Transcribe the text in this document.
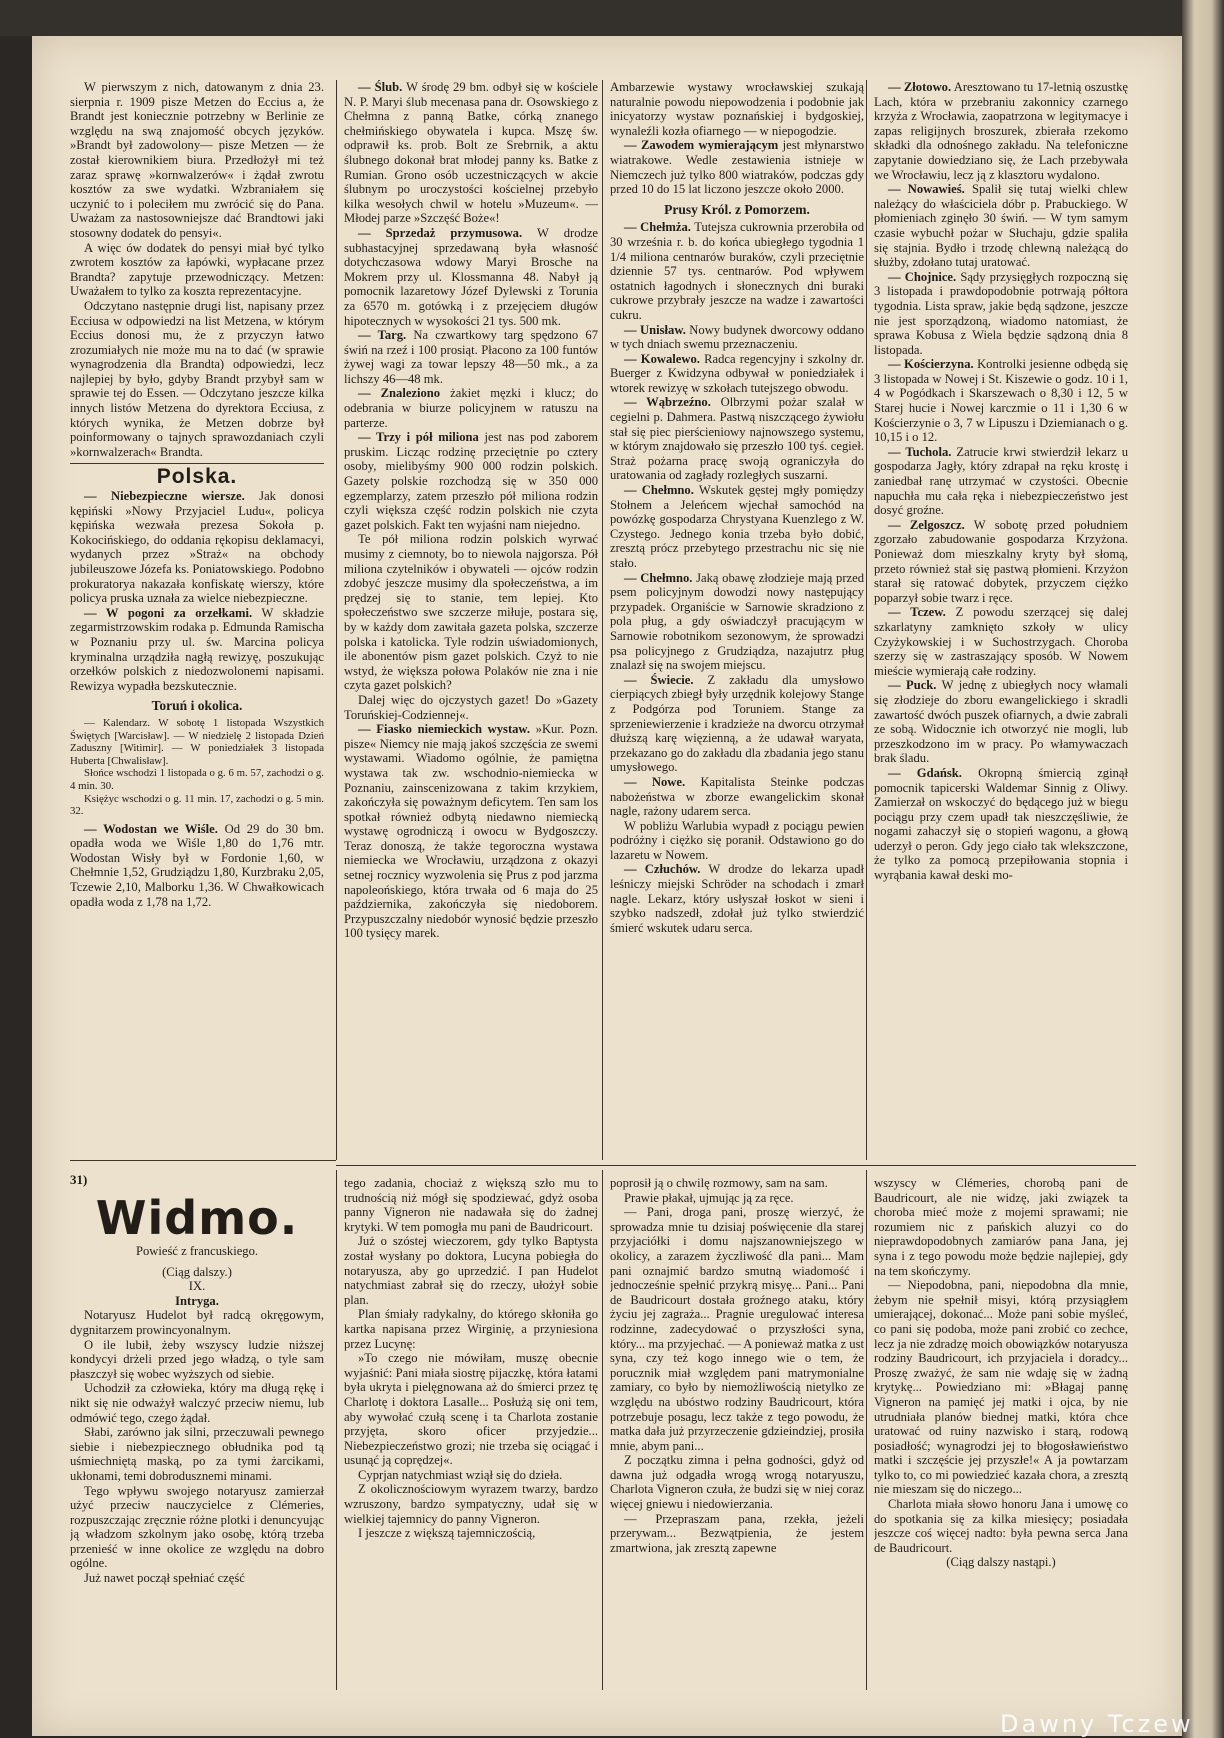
W pierwszym z nich, datowanym z dnia 23. sierpnia r. 1909 pisze Metzen do Eccius a, że Brandt jest koniecznie potrzebny w Berlinie ze względu na swą znajomość obcych języków. »Brandt był zadowolony— pisze Metzen — że został kierownikiem biura. Przedłożył mi też zaraz sprawę »kornwalzerów« i żądał zwrotu kosztów za swe wydatki. Wzbraniałem się uczynić to i poleciłem mu zwrócić się do Pana. Uważam za nastosowniejsze dać Brandtowi jaki stosowny dodatek do pensyi«.

A więc ów dodatek do pensyi miał być tylko zwrotem kosztów za łapówki, wypłacane przez Brandta? zapytuje przewodniczący. Metzen: Uważałem to tylko za koszta reprezentacyjne.

Odczytano następnie drugi list, napisany przez Ecciusa w odpowiedzi na list Metzena, w którym Eccius donosi mu, że z przyczyn łatwo zrozumiałych nie może mu na to dać (w sprawie wynagrodzenia dla Brandta) odpowiedzi, lecz najlepiej by było, gdyby Brandt przybył sam w sprawie tej do Essen. — Odczytano jeszcze kilka innych listów Metzena do dyrektora Ecciusa, z których wynika, że Metzen dobrze był poinformowany o tajnych sprawozdaniach czyli »kornwalzerach« Brandta.

Polska.

— Niebezpieczne wiersze. Jak donosi kępiński »Nowy Przyjaciel Ludu«, policya kępińska wezwała prezesa Sokoła p. Kokocińskiego, do oddania rękopisu deklamacyi, wydanych przez »Straż« na obchody jubileuszowe Józefa ks. Poniatowskiego. Podobno prokuratorya nakazała konfiskatę wierszy, które policya pruska uznała za wielce niebezpieczne.

— W pogoni za orzełkami. W składzie zegarmistrzowskim rodaka p. Edmunda Ramischa w Poznaniu przy ul. św. Marcina policya kryminalna urządziła nagłą rewizyę, poszukując orzełków polskich z niedozwolonemi napisami. Rewizya wypadła bezskutecznie.

Toruń i okolica.

— Kalendarz. W sobotę 1 listopada Wszystkich Świętych [Warcisław]. — W niedzielę 2 listopada Dzień Zaduszny [Witimir]. — W poniedziałek 3 listopada Huberta [Chwalisław].

Słońce wschodzi 1 listopada o g. 6 m. 57, zachodzi o g. 4 min. 30.

Księżyc wschodzi o g. 11 min. 17, zachodzi o g. 5 min. 32.

— Wodostan we Wiśle. Od 29 do 30 bm. opadła woda we Wiśle 1,80 do 1,76 mtr. Wodostan Wisły był w Fordonie 1,60, w Chełmnie 1,52, Grudziądzu 1,80, Kurzbraku 2,05, Tczewie 2,10, Malborku 1,36. W Chwałkowicach opadła woda z 1,78 na 1,72.

— Ślub. W środę 29 bm. odbył się w kościele N. P. Maryi ślub mecenasa pana dr. Osowskiego z Chełmna z panną Batke, córką znanego chełmińskiego obywatela i kupca. Mszę św. odprawił ks. prob. Bolt ze Srebrnik, a aktu ślubnego dokonał brat młodej panny ks. Batke z Rumian. Grono osób uczestniczących w akcie ślubnym po uroczystości kościelnej przebyło kilka wesołych chwil w hotelu »Muzeum«. — Młodej parze »Szczęść Boże«!

— Sprzedaż przymusowa. W drodze subhastacyjnej sprzedawaną była własność dotychczasowa wdowy Maryi Brosche na Mokrem przy ul. Klossmanna 48. Nabył ją pomocnik lazaretowy Józef Dylewski z Torunia za 6570 m. gotówką i z przejęciem długów hipotecznych w wysokości 21 tys. 500 mk.

— Targ. Na czwartkowy targ spędzono 67 świń na rzeź i 100 prosiąt. Płacono za 100 funtów żywej wagi za towar lepszy 48—50 mk., a za lichszy 46—48 mk.

— Znaleziono żakiet męzki i klucz; do odebrania w biurze policyjnem w ratuszu na parterze.

— Trzy i pół miliona jest nas pod zaborem pruskim. Licząc rodzinę przeciętnie po cztery osoby, mielibyśmy 900 000 rodzin polskich. Gazety polskie rozchodzą się w 350 000 egzemplarzy, zatem przeszło pół miliona rodzin czyli większa część rodzin polskich nie czyta gazet polskich. Fakt ten wyjaśni nam niejedno.

Te pół miliona rodzin polskich wyrwać musimy z ciemnoty, bo to niewola najgorsza. Pół miliona czytelników i obywateli — ojców rodzin zdobyć jeszcze musimy dla społeczeństwa, a im prędzej się to stanie, tem lepiej. Kto społeczeństwo swe szczerze miłuje, postara się, by w każdy dom zawitała gazeta polska, szczerze polska i katolicka. Tyle rodzin uświadomionych, ile abonentów pism gazet polskich. Czyż to nie wstyd, że większa połowa Polaków nie zna i nie czyta gazet polskich?

Dalej więc do ojczystych gazet! Do »Gazety Toruńskiej-Codziennej«.

— Fiasko niemieckich wystaw. »Kur. Pozn. pisze« Niemcy nie mają jakoś szczęścia ze swemi wystawami. Wiadomo ogólnie, że pamiętna wystawa tak zw. wschodnio-niemiecka w Poznaniu, zainscenizowana z takim krzykiem, zakończyła się poważnym deficytem. Ten sam los spotkał również odbytą niedawno niemiecką wystawę ogrodniczą i owocu w Bydgoszczy. Teraz donoszą, że także tegoroczna wystawa niemiecka we Wrocławiu, urządzona z okazyi setnej rocznicy wyzwolenia się Prus z pod jarzma napoleońskiego, która trwała od 6 maja do 25 października, zakończyła się niedoborem. Przypuszczalny niedobór wynosić będzie przeszło 100 tysięcy marek.

Ambarzewie wystawy wrocławskiej szukają naturalnie powodu niepowodzenia i podobnie jak inicyatorzy wystaw poznańskiej i bydgoskiej, wynaleźli kozła ofiarnego — w niepogodzie.

— Zawodem wymierającym jest młynarstwo wiatrakowe. Wedle zestawienia istnieje w Niemczech już tylko 800 wiatraków, podczas gdy przed 10 do 15 lat liczono jeszcze około 2000.

Prusy Król. z Pomorzem.

— Chełmża. Tutejsza cukrownia przerobiła od 30 września r. b. do końca ubiegłego tygodnia 1 1/4 miliona centnarów buraków, czyli przeciętnie dziennie 57 tys. centnarów. Pod wpływem ostatnich łagodnych i słonecznych dni buraki cukrowe przybrały jeszcze na wadze i zawartości cukru.

— Unisław. Nowy budynek dworcowy oddano w tych dniach swemu przeznaczeniu.

— Kowalewo. Radca regencyjny i szkolny dr. Buerger z Kwidzyna odbywał w poniedziałek i wtorek rewizyę w szkołach tutejszego obwodu.

— Wąbrzeźno. Olbrzymi pożar szalał w cegielni p. Dahmera. Pastwą niszczącego żywiołu stał się piec pierścieniowy najnowszego systemu, w którym znajdowało się przeszło 100 tyś. cegieł. Straż pożarna pracę swoją ograniczyła do uratowania od zagłady rozległych suszarni.

— Chełmno. Wskutek gęstej mgły pomiędzy Stołnem a Jeleńcem wjechał samochód na powózkę gospodarza Chrystyana Kuenzlego z W. Czystego. Jednego konia trzeba było dobić, zresztą prócz przebytego przestrachu nic się nie stało.

— Chełmno. Jaką obawę złodzieje mają przed psem policyjnym dowodzi nowy następujący przypadek. Organiście w Sarnowie skradziono z pola pług, a gdy oświadczył pracującym w Sarnowie robotnikom sezonowym, że sprowadzi psa policyjnego z Grudziądza, nazajutrz pług znalazł się na swojem miejscu.

— Świecie. Z zakładu dla umysłowo cierpiących zbiegł były urzędnik kolejowy Stange z Podgórza pod Toruniem. Stange za sprzeniewierzenie i kradzieże na dworcu otrzymał dłuższą karę więzienną, a że udawał waryata, przekazano go do zakładu dla zbadania jego stanu umysłowego.

— Nowe. Kapitalista Steinke podczas nabożeństwa w zborze ewangelickim skonał nagle, rażony udarem serca.

W pobliżu Warlubia wypadł z pociągu pewien podróżny i ciężko się poranił. Odstawiono go do lazaretu w Nowem.

— Człuchów. W drodze do lekarza upadł leśniczy miejski Schröder na schodach i zmarł nagle. Lekarz, który usłyszał łoskot w sieni i szybko nadszedł, zdołał już tylko stwierdzić śmierć wskutek udaru serca.

— Złotowo. Aresztowano tu 17-letnią oszustkę Lach, która w przebraniu zakonnicy czarnego krzyża z Wrocławia, zaopatrzona w legitymacye i zapas religijnych broszurek, zbierała rzekomo składki dla odnośnego zakładu. Na telefoniczne zapytanie dowiedziano się, że Lach przebywała we Wrocławiu, lecz ją z klasztoru wydalono.

— Nowawieś. Spalił się tutaj wielki chlew należący do właściciela dóbr p. Prabuckiego. W płomieniach zginęło 30 świń. — W tym samym czasie wybuchł pożar w Słuchaju, gdzie spaliła się stajnia. Bydło i trzodę chlewną należącą do służby, zdołano tutaj uratować.

— Chojnice. Sądy przysięgłych rozpoczną się 3 listopada i prawdopodobnie potrwają półtora tygodnia. Lista spraw, jakie będą sądzone, jeszcze nie jest sporządzoną, wiadomo natomiast, że sprawa Kobusa z Wiela będzie sądzoną dnia 8 listopada.

— Kościerzyna. Kontrolki jesienne odbędą się 3 listopada w Nowej i St. Kiszewie o godz. 10 i 1, 4 w Pogódkach i Skarszewach o 8,30 i 12, 5 w Starej hucie i Nowej karczmie o 11 i 1,30 6 w Kościerzynie o 3, 7 w Lipuszu i Dziemianach o g. 10,15 i o 12.

— Tuchola. Zatrucie krwi stwierdził lekarz u gospodarza Jagły, który zdrapał na ręku krostę i zaniedbał ranę utrzymać w czystości. Obecnie napuchła mu cała ręka i niebezpieczeństwo jest dosyć groźne.

— Zelgoszcz. W sobotę przed południem zgorzało zabudowanie gospodarza Krzyżona. Ponieważ dom mieszkalny kryty był słomą, przeto również stał się pastwą płomieni. Krzyżon starał się ratować dobytek, przyczem ciężko poparzył sobie twarz i ręce.

— Tczew. Z powodu szerzącej się dalej szkarlatyny zamknięto szkoły w ulicy Czyżykowskiej i w Suchostrzygach. Choroba szerzy się w zastraszający sposób. W Nowem mieście wymierają całe rodziny.

— Puck. W jednę z ubiegłych nocy włamali się złodzieje do zboru ewangelickiego i skradli zawartość dwóch puszek ofiarnych, a dwie zabrali ze sobą. Widocznie ich otworzyć nie mogli, lub przeszkodzono im w pracy. Po włamywaczach brak śladu.

— Gdańsk. Okropną śmiercią zginął pomocnik tapicerski Waldemar Sinnig z Oliwy. Zamierzał on wskoczyć do będącego już w biegu pociągu przy czem upadł tak nieszczęśliwie, że nogami zahaczył się o stopień wagonu, a głową uderzył o peron. Gdy jego ciało tak wlekszczone, że tylko za pomocą przepiłowania stopnia i wyrąbania kawał deski mo-

31)
Widmo.

Powieść z francuskiego.

(Ciąg dalszy.)

IX.

Intryga.

Notaryusz Hudelot był radcą okręgowym, dygnitarzem prowincyonalnym.

O ile lubił, żeby wszyscy ludzie niższej kondycyi drżeli przed jego władzą, o tyle sam płaszczył się wobec wyższych od siebie.

Uchodził za człowieka, który ma długą rękę i nikt się nie odważył walczyć przeciw niemu, lub odmówić tego, czego żądał.

Słabi, zarówno jak silni, przeczuwali pewnego siebie i niebezpiecznego obłudnika pod tą uśmiechniętą maską, po za tymi żarcikami, ukłonami, temi dobrodusznemi minami.

Tego wpływu swojego notaryusz zamierzał użyć przeciw nauczycielce z Clémeries, rozpuszczając zręcznie różne plotki i denuncyując ją władzom szkolnym jako osobę, którą trzeba przenieść w inne okolice ze względu na dobro ogólne.

Już nawet począł spełniać część

tego zadania, chociaż z większą szło mu to trudnością niż mógł się spodziewać, gdyż osoba panny Vigneron nie nadawała się do żadnej krytyki. W tem pomogła mu pani de Baudricourt.

Już o szóstej wieczorem, gdy tylko Baptysta został wysłany po doktora, Lucyna pobiegła do notaryusza, aby go uprzedzić. I pan Hudelot natychmiast zabrał się do rzeczy, ułożył sobie plan.

Plan śmiały radykalny, do którego skłoniła go kartka napisana przez Wirginię, a przyniesiona przez Lucynę:

»To czego nie mówiłam, muszę obecnie wyjaśnić: Pani miała siostrę pijaczkę, która łatami była ukryta i pielęgnowana aż do śmierci przez tę Charlotę i doktora Lasalle... Posłużą się oni tem, aby wywołać czułą scenę i ta Charlota zostanie przyjęta, skoro oficer przyjedzie... Niebezpieczeństwo grozi; nie trzeba się ociągać i usunąć ją coprędzej«.

Cyprjan natychmiast wziął się do dzieła.

Z okolicznościowym wyrazem twarzy, bardzo wzruszony, bardzo sympatyczny, udał się w wielkiej tajemnicy do panny Vigneron.

I jeszcze z większą tajemniczością,

poprosił ją o chwilę rozmowy, sam na sam.

Prawie płakał, ujmując ją za ręce.

— Pani, droga pani, proszę wierzyć, że sprowadza mnie tu dzisiaj poświęcenie dla starej przyjaciółki i domu najszanowniejszego w okolicy, a zarazem życzliwość dla pani... Mam pani oznajmić bardzo smutną wiadomość i jednocześnie spełnić przykrą misyę... Pani... Pani de Baudricourt dostała groźnego ataku, który życiu jej zagraża... Pragnie uregulować interesa rodzinne, zadecydować o przyszłości syna, który... ma przyjechać. — A ponieważ matka z ust syna, czy też kogo innego wie o tem, że porucznik miał względem pani matrymonialne zamiary, co było by niemożliwością nietylko ze względu na ubóstwo rodziny Baudricourt, która potrzebuje posagu, lecz także z tego powodu, że matka dała już przyrzeczenie gdzieindziej, prosiła mnie, abym pani...

Z początku zimna i pełna godności, gdyż od dawna już odgadła wrogą wrogą notaryuszu, Charlota Vigneron czuła, że budzi się w niej coraz więcej gniewu i niedowierzania.

— Przepraszam pana, rzekła, jeżeli przerywam... Bezwątpienia, że jestem zmartwiona, jak zresztą zapewne

wszyscy w Clémeries, chorobą pani de Baudricourt, ale nie widzę, jaki związek ta choroba mieć może z mojemi sprawami; nie rozumiem nic z pańskich aluzyi co do nieprawdopodobnych zamiarów pana Jana, jej syna i z tego powodu może będzie najlepiej, gdy na tem skończymy.

— Niepodobna, pani, niepodobna dla mnie, żebym nie spełnił misyi, którą przysiągłem umierającej, dokonać... Może pani sobie myśleć, co pani się podoba, może pani zrobić co zechce, lecz ja nie zdradzę moich obowiązków notaryusza rodziny Baudricourt, ich przyjaciela i doradcy... Proszę zważyć, że sam nie wdaję się w żadną krytykę... Powiedziano mi: »Błagaj pannę Vigneron na pamięć jej matki i ojca, by nie utrudniała planów biednej matki, która chce uratować od ruiny nazwisko i starą, rodową posiadłość; wynagrodzi jej to błogosławieństwo matki i szczęście jej przyszłe!« A ja powtarzam tylko to, co mi powiedzieć kazała chora, a zresztą nie mieszam się do niczego...

Charlota miała słowo honoru Jana i umowę co do spotkania się za kilka miesięcy; posiadała jeszcze coś więcej nadto: była pewna serca Jana de Baudricourt.

(Ciąg dalszy nastąpi.)

Dawny Tczew
